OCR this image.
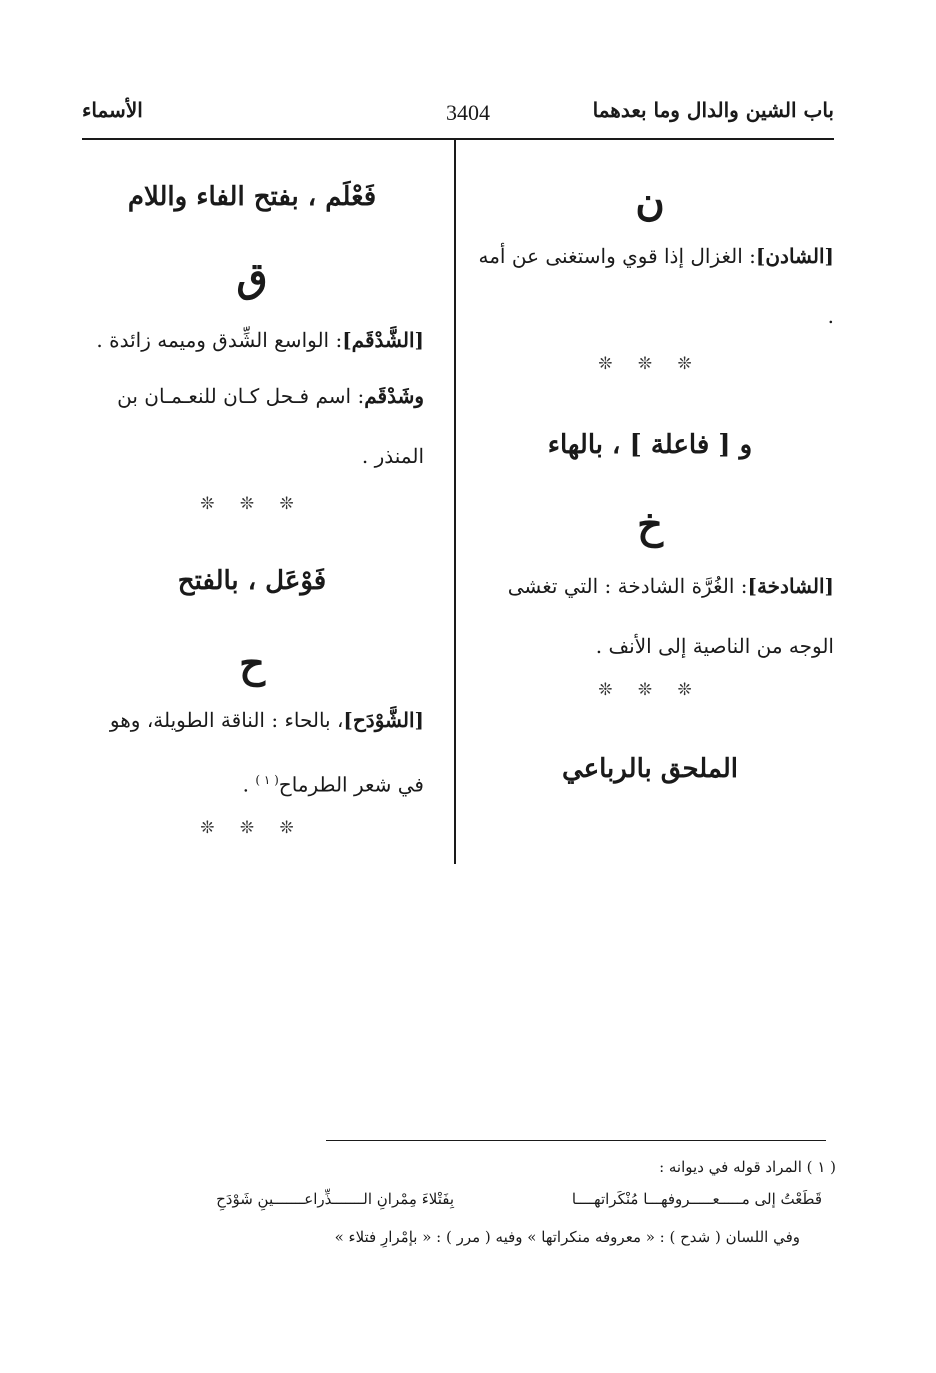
باب الشين والدال وما بعدهما
3404
الأسماء
ن
[الشادن]: الغزال إذا قوي واستغنى عن أمه .
❊ ❊ ❊
و [ فاعلة ] ، بالهاء
خ
[الشادخة]: الغُرَّة الشادخة : التي تغشى الوجه من الناصية إلى الأنف .
❊ ❊ ❊
الملحق بالرباعي
فَعْلَم ، بفتح الفاء واللام
ق
[الشَّدْقَم]: الواسع الشِّدق وميمه زائدة .
وشَدْقَم: اسم فـحل كـان للنعـمـان بن المنذر .
❊ ❊ ❊
فَوْعَل ، بالفتح
ح
[الشَّوْدَح]، بالحاء : الناقة الطويلة، وهو في شعر الطرماح$^{( ١ )}$ .
❊ ❊ ❊
( ١ ) المراد قوله في ديوانه :
قَطَعْتُ إلى مـــــعـــــروفهـــا مُنْكَراتهــــا
بِفَتْلاءَ مِمْرانِ الـــــــذِّراعـــــــينِ شَوْدَحِ
وفي اللسان ( شدح ) : « معروفه منكراتها » وفيه ( مرر ) : « بإمْرارِ فتلاء »
